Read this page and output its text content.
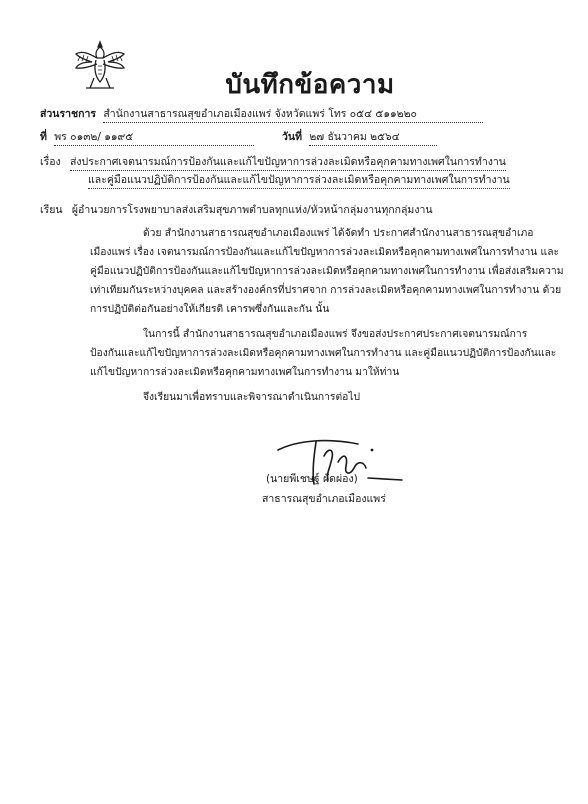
บันทึกข้อความ
ส่วนราชการ สำนักงานสาธารณสุขอำเภอเมืองแพร่ จังหวัดแพร่ โทร ๐๕๔ ๕๑๑๒๒๐
ที่ พร ๐๑๓๒/ ๑๑๙๕	วันที่ ๒๗ ธันวาคม ๒๕๖๔
เรื่อง ส่งประกาศเจตนารมณ์การป้องกันและแก้ไขปัญหาการล่วงละเมิดหรือคุกคามทางเพศในการทำงาน
และคู่มือแนวปฏิบัติการป้องกันและแก้ไขปัญหาการล่วงละเมิดหรือคุกคามทางเพศในการทำงาน
เรียน ผู้อำนวยการโรงพยาบาลส่งเสริมสุขภาพตำบลทุกแห่ง/หัวหน้ากลุ่มงานทุกกลุ่มงาน
ด้วย สำนักงานสาธารณสุขอำเภอเมืองแพร่ ได้จัดทำ ประกาศสำนักงานสาธารณสุขอำเภอ
เมืองแพร่ เรื่อง เจตนารมณ์การป้องกันและแก้ไขปัญหาการล่วงละเมิดหรือคุกคามทางเพศในการทำงาน และ
คู่มือแนวปฏิบัติการป้องกันและแก้ไขปัญหาการล่วงละเมิดหรือคุกคามทางเพศในการทำงาน เพื่อส่งเสริมความ
เท่าเทียมกันระหว่างบุคคล และสร้างองค์กรที่ปราศจาก การล่วงละเมิดหรือคุกคามทางเพศในการทำงาน ด้วย
การปฏิบัติต่อกันอย่างให้เกียรติ เคารพซึ่งกันและกัน นั้น
ในการนี้ สำนักงานสาธารณสุขอำเภอเมืองแพร่ จึงขอส่งประกาศประกาศเจตนารมณ์การ
ป้องกันและแก้ไขปัญหาการล่วงละเมิดหรือคุกคามทางเพศในการทำงาน และคู่มือแนวปฏิบัติการป้องกันและ
แก้ไขปัญหาการล่วงละเมิดหรือคุกคามทางเพศในการทำงาน มาให้ท่าน
จึงเรียนมาเพื่อทราบและพิจารณาดำเนินการต่อไป
(นายพีเชษฐ์ ผัดผ่อง)
สาธารณสุขอำเภอเมืองแพร่
